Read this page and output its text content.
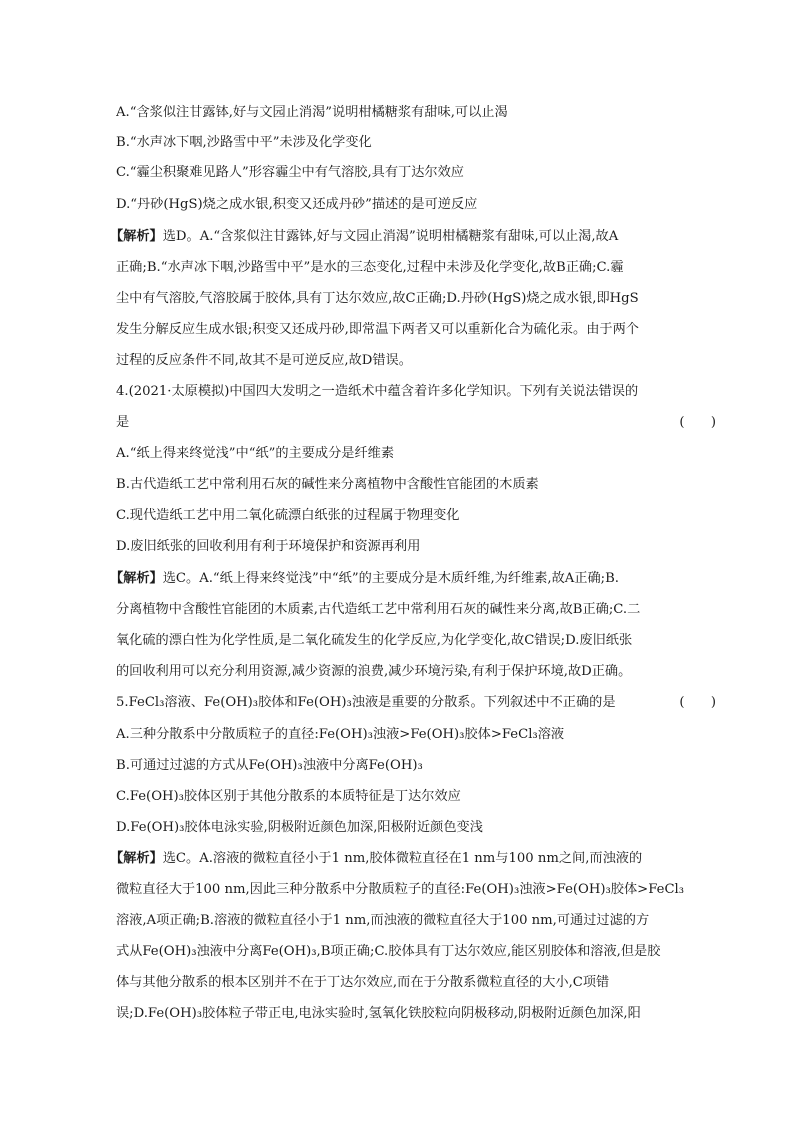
A.“含浆似注甘露钵,好与文园止消渴”说明柑橘糖浆有甜味,可以止渴
B.“水声冰下咽,沙路雪中平”未涉及化学变化
C.“霾尘积聚难见路人”形容霾尘中有气溶胶,具有丁达尔效应
D.“丹砂(HgS)烧之成水银,积变又还成丹砂”描述的是可逆反应
【解析】选D。A.“含浆似注甘露钵,好与文园止消渴”说明柑橘糖浆有甜味,可以止渴,故A
正确;B.“水声冰下咽,沙路雪中平”是水的三态变化,过程中未涉及化学变化,故B正确;C.霾
尘中有气溶胶,气溶胶属于胶体,具有丁达尔效应,故C正确;D.丹砂(HgS)烧之成水银,即HgS
发生分解反应生成水银;积变又还成丹砂,即常温下两者又可以重新化合为硫化汞。由于两个
过程的反应条件不同,故其不是可逆反应,故D错误。
4.(2021·太原模拟)中国四大发明之一造纸术中蕴含着许多化学知识。下列有关说法错误的
是	(　　)
A.“纸上得来终觉浅”中“纸”的主要成分是纤维素
B.古代造纸工艺中常利用石灰的碱性来分离植物中含酸性官能团的木质素
C.现代造纸工艺中用二氧化硫漂白纸张的过程属于物理变化
D.废旧纸张的回收利用有利于环境保护和资源再利用
【解析】选C。A.“纸上得来终觉浅”中“纸”的主要成分是木质纤维,为纤维素,故A正确;B.
分离植物中含酸性官能团的木质素,古代造纸工艺中常利用石灰的碱性来分离,故B正确;C.二
氧化硫的漂白性为化学性质,是二氧化硫发生的化学反应,为化学变化,故C错误;D.废旧纸张
的回收利用可以充分利用资源,减少资源的浪费,减少环境污染,有利于保护环境,故D正确。
5.FeCl₃溶液、Fe(OH)₃胶体和Fe(OH)₃浊液是重要的分散系。下列叙述中不正确的是	(　　)
A.三种分散系中分散质粒子的直径:Fe(OH)₃浊液>Fe(OH)₃胶体>FeCl₃溶液
B.可通过过滤的方式从Fe(OH)₃浊液中分离Fe(OH)₃
C.Fe(OH)₃胶体区别于其他分散系的本质特征是丁达尔效应
D.Fe(OH)₃胶体电泳实验,阴极附近颜色加深,阳极附近颜色变浅
【解析】选C。A.溶液的微粒直径小于1 nm,胶体微粒直径在1 nm与100 nm之间,而浊液的
微粒直径大于100 nm,因此三种分散系中分散质粒子的直径:Fe(OH)₃浊液>Fe(OH)₃胶体>FeCl₃
溶液,A项正确;B.溶液的微粒直径小于1 nm,而浊液的微粒直径大于100 nm,可通过过滤的方
式从Fe(OH)₃浊液中分离Fe(OH)₃,B项正确;C.胶体具有丁达尔效应,能区别胶体和溶液,但是胶
体与其他分散系的根本区别并不在于丁达尔效应,而在于分散系微粒直径的大小,C项错
误;D.Fe(OH)₃胶体粒子带正电,电泳实验时,氢氧化铁胶粒向阴极移动,阴极附近颜色加深,阳
